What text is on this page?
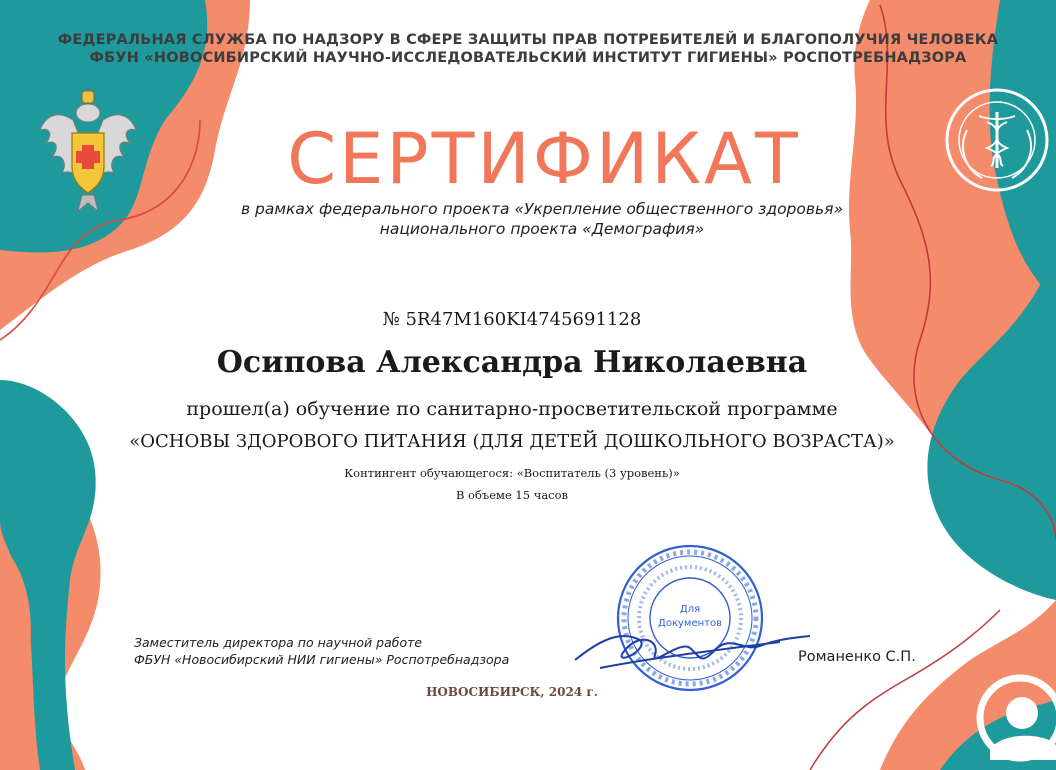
Для
Документов
ФЕДЕРАЛЬНАЯ СЛУЖБА ПО НАДЗОРУ В СФЕРЕ ЗАЩИТЫ ПРАВ ПОТРЕБИТЕЛЕЙ И БЛАГОПОЛУЧИЯ ЧЕЛОВЕКА
ФБУН «НОВОСИБИРСКИЙ НАУЧНО-ИССЛЕДОВАТЕЛЬСКИЙ ИНСТИТУТ ГИГИЕНЫ» РОСПОТРЕБНАДЗОРА
СЕРТИФИКАТ
в рамках федерального проекта «Укрепление общественного здоровья»
национального проекта «Демография»
№ 5R47M160KI4745691128
Осипова Александра Николаевна
прошел(а) обучение по санитарно-просветительской программе
«ОСНОВЫ ЗДОРОВОГО ПИТАНИЯ (ДЛЯ ДЕТЕЙ ДОШКОЛЬНОГО ВОЗРАСТА)»
Контингент обучающегося: «Воспитатель (3 уровень)»
В объеме 15 часов
Заместитель директора по научной работе
ФБУН «Новосибирский НИИ гигиены» Роспотребнадзора	Романенко С.П.
НОВОСИБИРСК, 2024 г.
